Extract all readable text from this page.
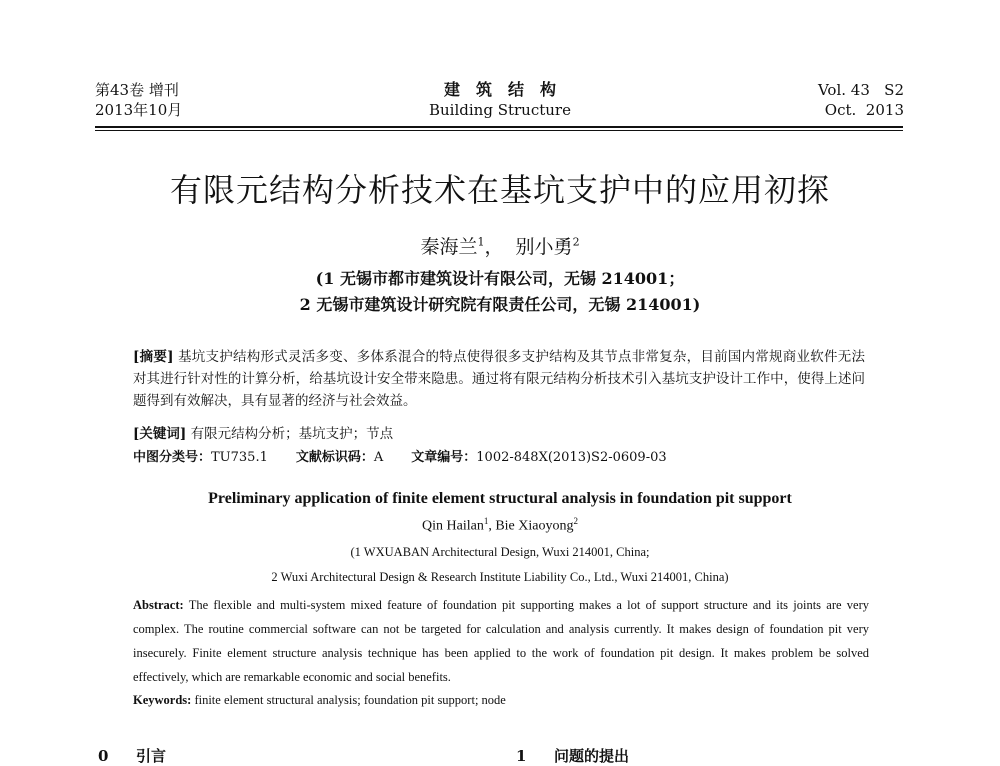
第43卷 增刊
2013年10月
建筑结构
Building Structure
Vol. 43   S2
Oct.  2013
有限元结构分析技术在基坑支护中的应用初探
秦海兰$^1$，  别小勇$^2$
(1 无锡市都市建筑设计有限公司，无锡 214001；
2 无锡市建筑设计研究院有限责任公司，无锡 214001)
[摘要] 基坑支护结构形式灵活多变、多体系混合的特点使得很多支护结构及其节点非常复杂，目前国内常规商业软件无法对其进行针对性的计算分析，给基坑设计安全带来隐患。通过将有限元结构分析技术引入基坑支护设计工作中，使得上述问题得到有效解决，具有显著的经济与社会效益。
[关键词] 有限元结构分析；基坑支护；节点
中图分类号：TU735.1 文献标识码：A 文章编号：1002-848X(2013)S2-0609-03
Preliminary application of finite element structural analysis in foundation pit support
Qin Hailan$^1$, Bie Xiaoyong$^2$
(1 WXUABAN Architectural Design, Wuxi 214001, China;
2 Wuxi Architectural Design & Research Institute Liability Co., Ltd., Wuxi 214001, China)
Abstract: The flexible and multi-system mixed feature of foundation pit supporting makes a lot of support structure and its joints are very complex. The routine commercial software can not be targeted for calculation and analysis currently. It makes design of foundation pit very insecurely. Finite element structure analysis technique has been applied to the work of foundation pit design. It makes problem be solved effectively, which are remarkable economic and social benefits.
Keywords: finite element structural analysis; foundation pit support; node
0 引言	1 问题的提出
